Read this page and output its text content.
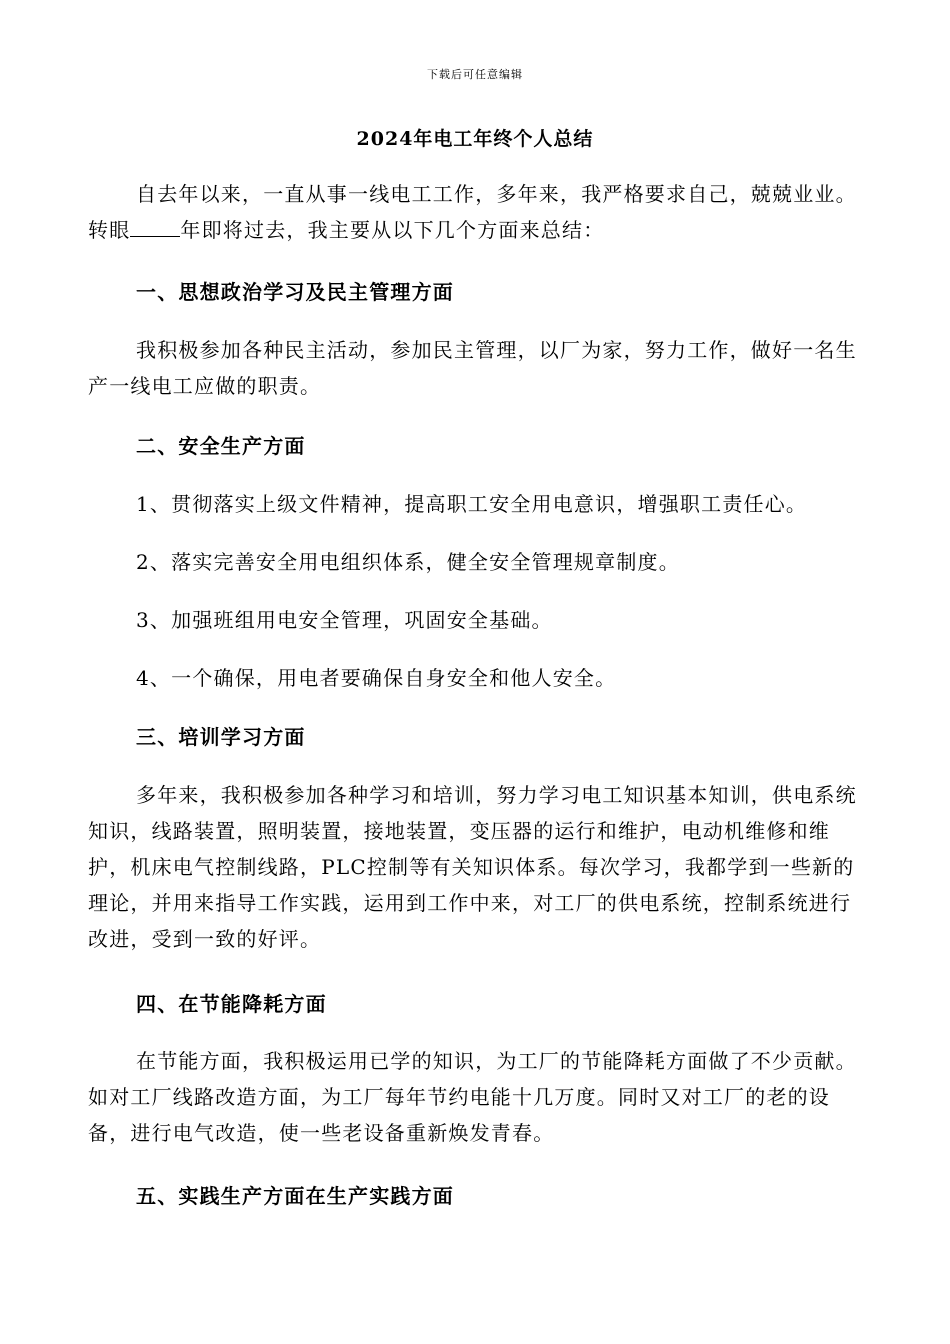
下载后可任意编辑
2024年电工年终个人总结

自去年以来，一直从事一线电工工作，多年来，我严格要求自己，兢兢业业。转眼	年即将过去，我主要从以下几个方面来总结：

一、思想政治学习及民主管理方面

我积极参加各种民主活动，参加民主管理，以厂为家，努力工作，做好一名生产一线电工应做的职责。

二、安全生产方面

1、贯彻落实上级文件精神，提高职工安全用电意识，增强职工责任心。

2、落实完善安全用电组织体系，健全安全管理规章制度。

3、加强班组用电安全管理，巩固安全基础。

4、一个确保，用电者要确保自身安全和他人安全。

三、培训学习方面

多年来，我积极参加各种学习和培训，努力学习电工知识基本知训，供电系统知识，线路装置，照明装置，接地装置，变压器的运行和维护，电动机维修和维护，机床电气控制线路，PLC控制等有关知识体系。每次学习，我都学到一些新的理论，并用来指导工作实践，运用到工作中来，对工厂的供电系统，控制系统进行改进，受到一致的好评。

四、在节能降耗方面

在节能方面，我积极运用已学的知识，为工厂的节能降耗方面做了不少贡献。如对工厂线路改造方面，为工厂每年节约电能十几万度。同时又对工厂的老的设备，进行电气改造，使一些老设备重新焕发青春。

五、实践生产方面在生产实践方面
